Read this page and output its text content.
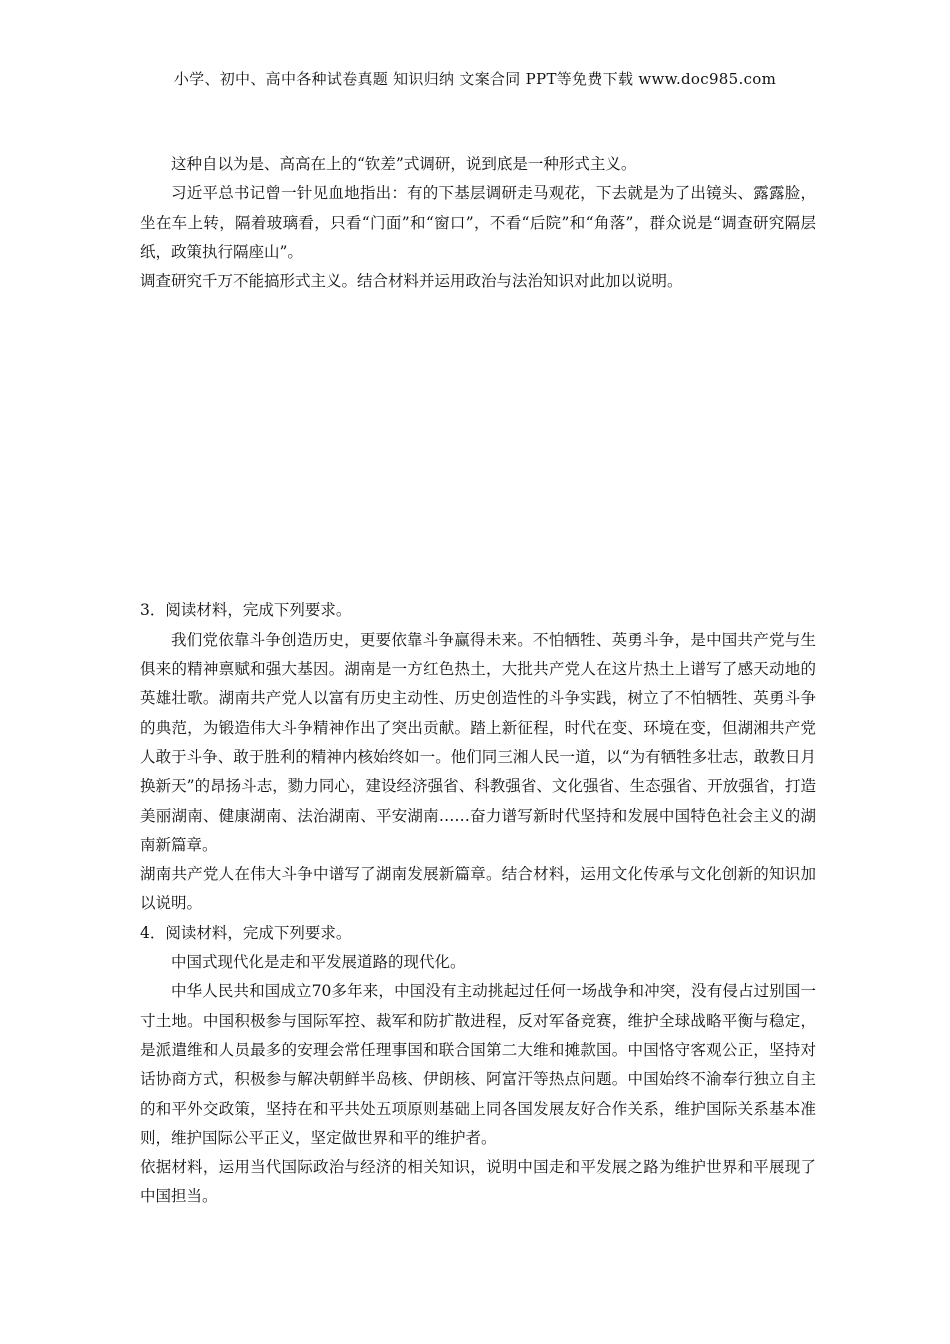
小学、初中、高中各种试卷真题 知识归纳 文案合同 PPT等免费下载 www.doc985.com

这种自以为是、高高在上的“钦差”式调研，说到底是一种形式主义。

习近平总书记曾一针见血地指出：有的下基层调研走马观花，下去就是为了出镜头、露露脸，坐在车上转，隔着玻璃看，只看“门面”和“窗口”，不看“后院”和“角落”，群众说是“调查研究隔层纸，政策执行隔座山”。

调查研究千万不能搞形式主义。结合材料并运用政治与法治知识对此加以说明。

3．阅读材料，完成下列要求。

我们党依靠斗争创造历史，更要依靠斗争赢得未来。不怕牺牲、英勇斗争，是中国共产党与生俱来的精神禀赋和强大基因。湖南是一方红色热土，大批共产党人在这片热土上谱写了感天动地的英雄壮歌。湖南共产党人以富有历史主动性、历史创造性的斗争实践，树立了不怕牺牲、英勇斗争的典范，为锻造伟大斗争精神作出了突出贡献。踏上新征程，时代在变、环境在变，但湖湘共产党人敢于斗争、敢于胜利的精神内核始终如一。他们同三湘人民一道，以“为有牺牲多壮志，敢教日月换新天”的昂扬斗志，勠力同心，建设经济强省、科教强省、文化强省、生态强省、开放强省，打造美丽湖南、健康湖南、法治湖南、平安湖南……奋力谱写新时代坚持和发展中国特色社会主义的湖南新篇章。

湖南共产党人在伟大斗争中谱写了湖南发展新篇章。结合材料，运用文化传承与文化创新的知识加以说明。

4．阅读材料，完成下列要求。

中国式现代化是走和平发展道路的现代化。

中华人民共和国成立70多年来，中国没有主动挑起过任何一场战争和冲突，没有侵占过别国一寸土地。中国积极参与国际军控、裁军和防扩散进程，反对军备竞赛，维护全球战略平衡与稳定，是派遣维和人员最多的安理会常任理事国和联合国第二大维和摊款国。中国恪守客观公正，坚持对话协商方式，积极参与解决朝鲜半岛核、伊朗核、阿富汗等热点问题。中国始终不渝奉行独立自主的和平外交政策，坚持在和平共处五项原则基础上同各国发展友好合作关系，维护国际关系基本准则，维护国际公平正义，坚定做世界和平的维护者。

依据材料，运用当代国际政治与经济的相关知识，说明中国走和平发展之路为维护世界和平展现了中国担当。
